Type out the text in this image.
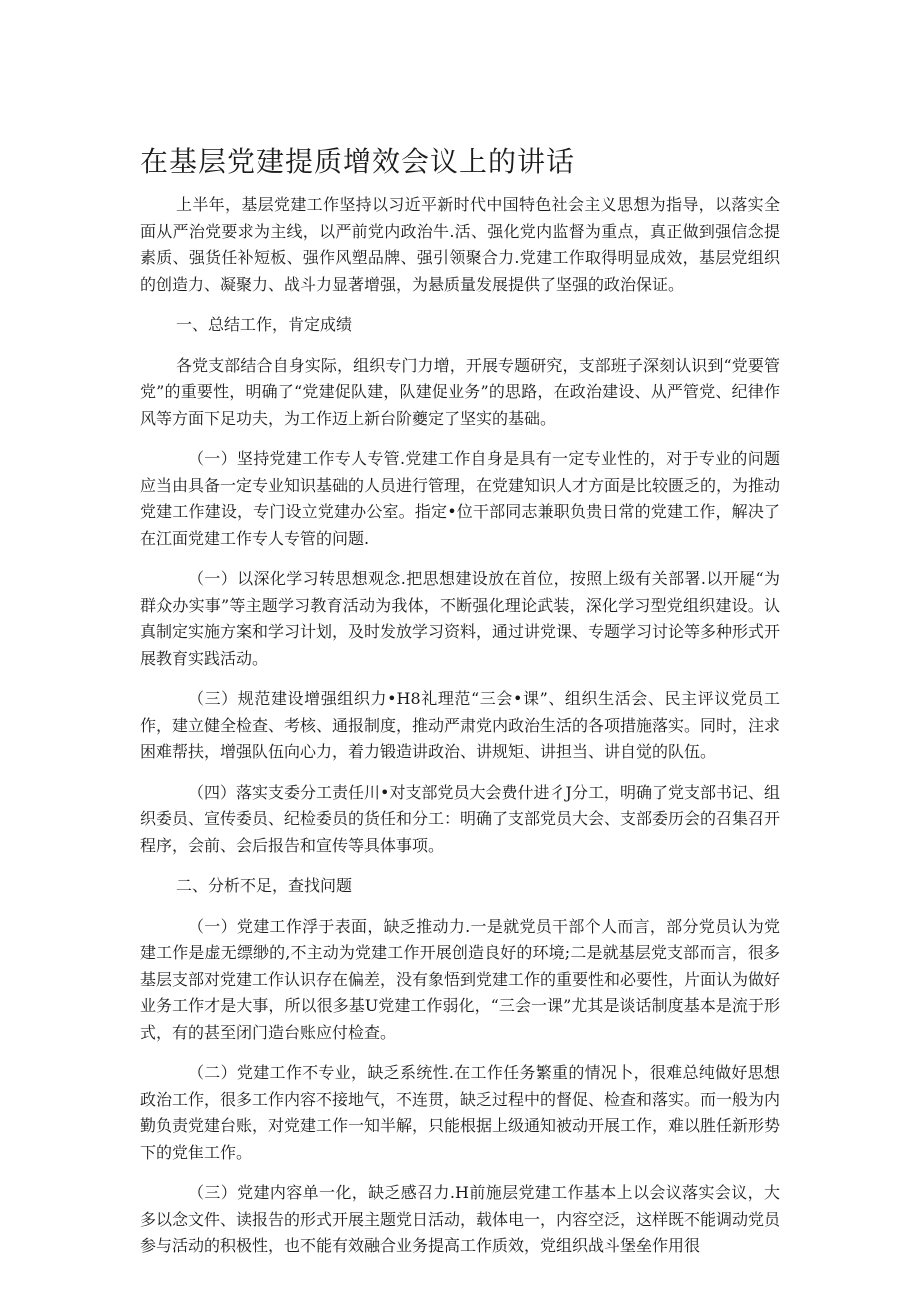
在基层党建提质增效会议上的讲话

上半年，基层党建工作坚持以习近平新时代中国特色社会主义思想为指导，以落实全面从严治党要求为主线，以严前党内政治牛.活、强化党内监督为重点，真正做到强信念提素质、强货任补短板、强作风塑品牌、强引领聚合力.党建工作取得明显成效，基层党组织的创造力、凝聚力、战斗力显著增强，为悬质量发展提供了坚强的政治保证。

一、总结工作，肯定成绩

各党支部结合自身实际，组织专门力增，开展专题研究，支部班子深刻认识到“党要管党”的重要性，明确了“党建促队建，队建促业务”的思路，在政治建设、从严管党、纪律作风等方面下足功夫，为工作迈上新台阶夔定了坚实的基础。

（一）坚持党建工作专人专管.党建工作自身是具有一定专业性的，对于专业的问题应当由具备一定专业知识基础的人员进行管理，在党建知识人才方面是比较匮乏的，为推动党建工作建设，专门设立党建办公室。指定•位干部同志兼职负贵日常的党建工作，解决了在江面党建工作专人专管的问题.

（一）以深化学习转思想观念.把思想建设放在首位，按照上级有关部署.以开屣“为群众办实事”等主题学习教育活动为我体，不断强化理论武装，深化学习型党组织建设。认真制定实施方案和学习计划，及时发放学习资料，通过讲党课、专题学习讨论等多种形式开展教育实践活动。

（三）规范建设增强组织力•H8礼理范“三会•课”、组织生活会、民主评议党员工作，建立健全检查、考核、通报制度，推动严肃党内政治生活的各项措施落实。同时，注求困难帮扶，增强队伍向心力，着力锻造讲政治、讲规矩、讲担当、讲自觉的队伍。

（四）落实支委分工责任川•对支部党员大会费什进彳J分工，明确了党支部书记、组织委员、宣传委员、纪检委员的货任和分工：明确了支部党员大会、支部委历会的召集召开程序，会前、会后报告和宣传等具体事项。

二、分析不足，查找问题

（一）党建工作浮于表面，缺乏推动力.一是就党员干部个人而言，部分党员认为党建工作是虚无缥缈的,不主动为党建工作开展创造良好的环境;二是就基层党支部而言，很多基层支部对党建工作认识存在偏差，没有象悟到党建工作的重要性和必要性，片面认为做好业务工作才是大事，所以很多基U党建工作弱化，“三会一课”尤其是谈话制度基本是流于形式，有的甚至闭门造台账应付检查。

（二）党建工作不专业，缺乏系统性.在工作任务繁重的情况卜，很难总纯做好思想政治工作，很多工作内容不接地气，不连贯，缺乏过程中的督促、检查和落实。而一般为内勤负责党建台账，对党建工作一知半解，只能根据上级通知被动开展工作，难以胜任新形势下的党隹工作。

（三）党建内容单一化，缺乏感召力.H前施层党建工作基本上以会议落实会议，大多以念文件、读报告的形式开展主题党日活动，载体电一，内容空泛，这样既不能调动党员参与活动的积极性，也不能有效融合业务提高工作质效，党组织战斗堡垒作用很
